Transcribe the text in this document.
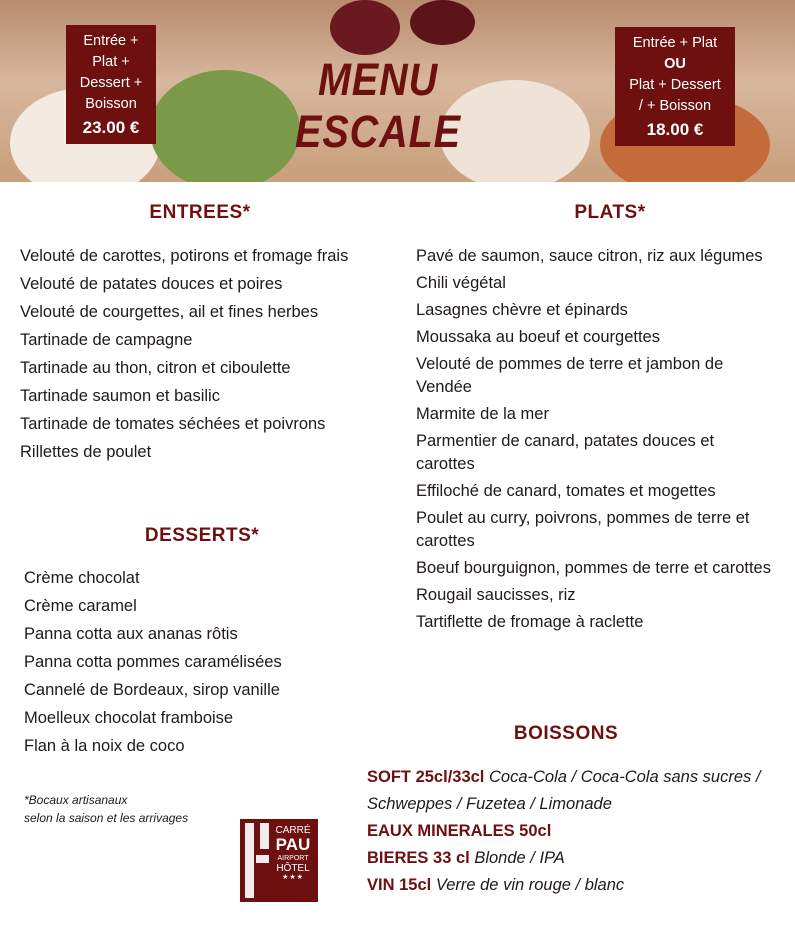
Entrée +
Plat +
Dessert +
Boisson
23.00 €
MENU ESCALE
Entrée + Plat
OU
Plat + Dessert
/ + Boisson
18.00 €
ENTREES*
Velouté de carottes, potirons et fromage frais
Velouté de patates douces et poires
Velouté de courgettes, ail et fines herbes
Tartinade de campagne
Tartinade au thon, citron et ciboulette
Tartinade saumon et basilic
Tartinade de tomates séchées et poivrons
Rillettes de poulet
DESSERTS*
Crème chocolat
Crème caramel
Panna cotta aux ananas rôtis
Panna cotta pommes caramélisées
Cannelé de Bordeaux, sirop vanille
Moelleux chocolat framboise
Flan à la noix de coco
PLATS*
Pavé de saumon, sauce citron, riz aux légumes
Chili végétal
Lasagnes chèvre et épinards
Moussaka au boeuf et courgettes
Velouté de pommes de terre et jambon de Vendée
Marmite de la mer
Parmentier de canard, patates douces et carottes
Effiloché de canard, tomates et mogettes
Poulet au curry, poivrons, pommes de terre et carottes
Boeuf bourguignon, pommes de terre et carottes
Rougail saucisses, riz
Tartiflette de fromage à raclette
BOISSONS
SOFT 25cl/33cl Coca-Cola / Coca-Cola sans sucres / Schweppes / Fuzetea / Limonade
EAUX MINERALES 50cl
BIERES 33 cl Blonde / IPA
VIN 15cl Verre de vin rouge / blanc
*Bocaux artisanaux
selon la saison et les arrivages
CARRÉ
PAU
AIRPORT
HÔTEL
★★★
